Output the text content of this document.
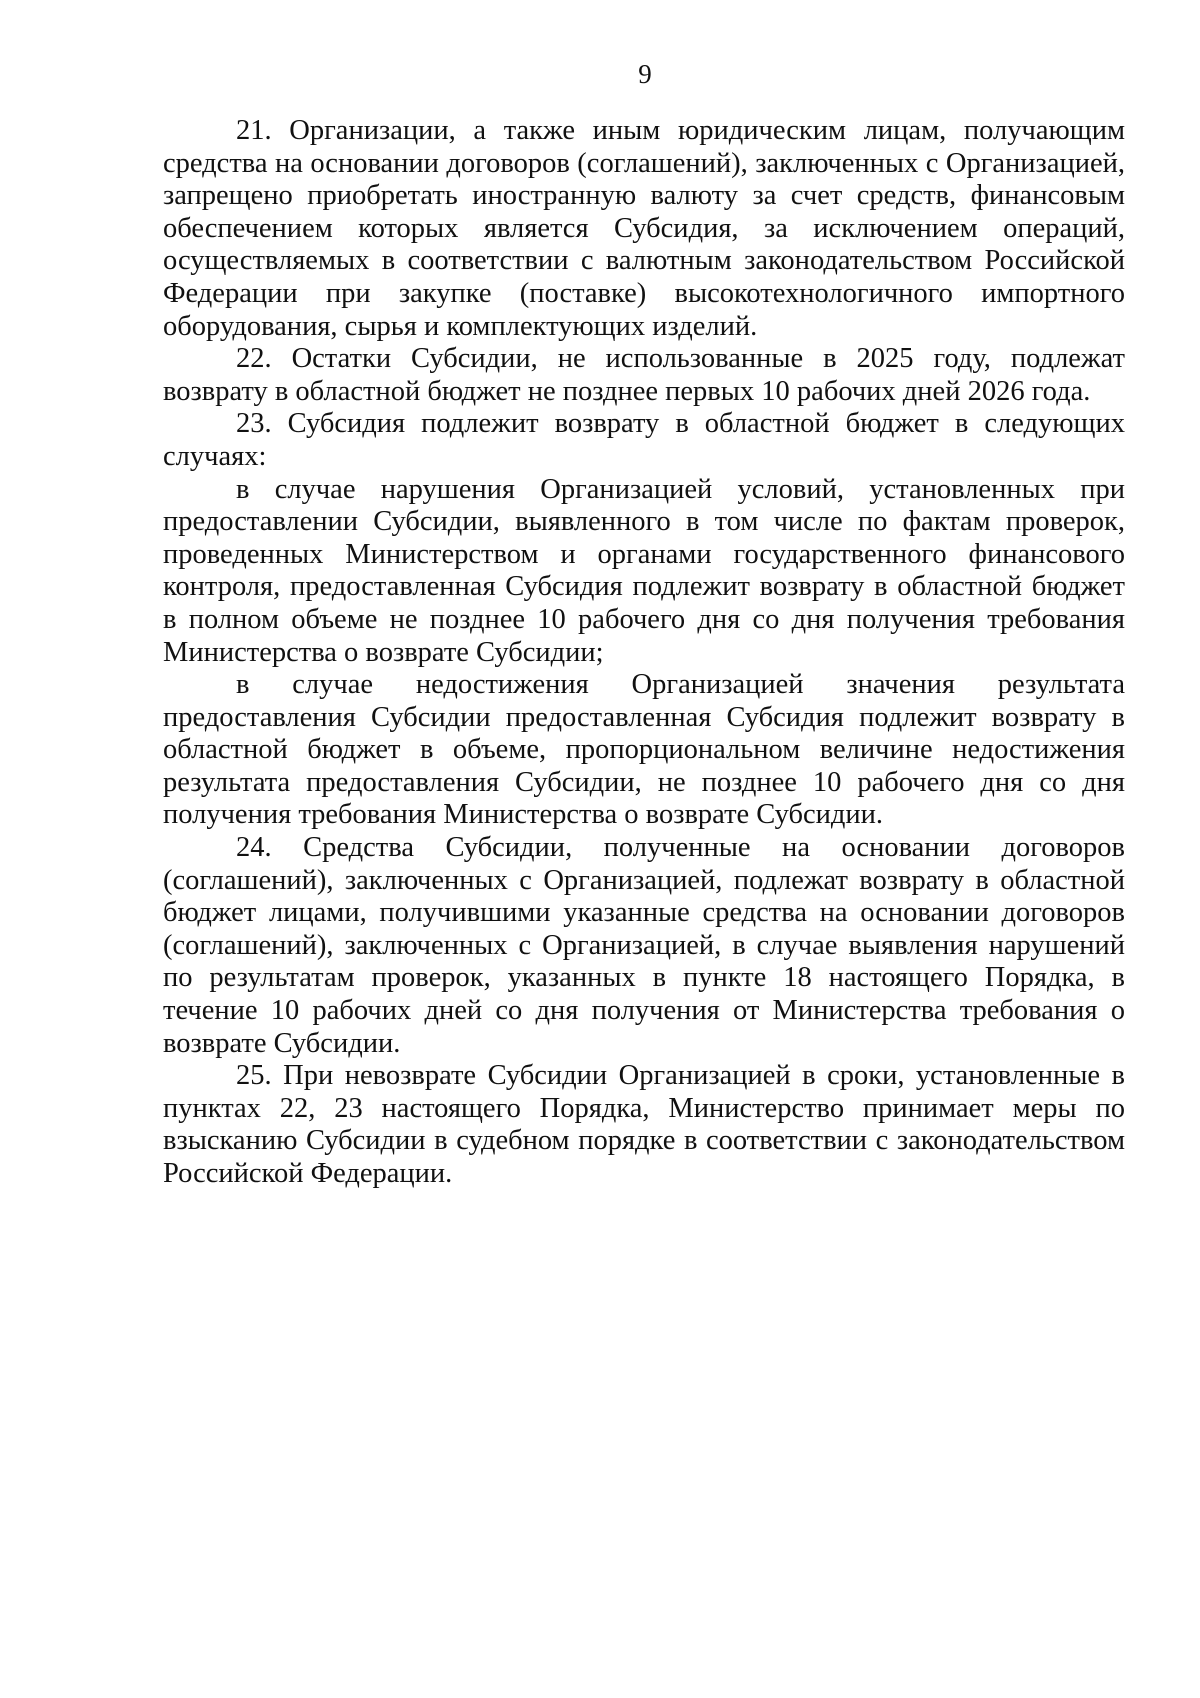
9

21. Организации, а также иным юридическим лицам, получающим средства на основании договоров (соглашений), заключенных с Организацией, запрещено приобретать иностранную валюту за счет средств, финансовым обеспечением которых является Субсидия, за исключением операций, осуществляемых в соответствии с валютным законодательством Российской Федерации при закупке (поставке) высокотехнологичного импортного оборудования, сырья и комплектующих изделий.

22. Остатки Субсидии, не использованные в 2025 году, подлежат возврату в областной бюджет не позднее первых 10 рабочих дней 2026 года.

23. Субсидия подлежит возврату в областной бюджет в следующих случаях:

в случае нарушения Организацией условий, установленных при предоставлении Субсидии, выявленного в том числе по фактам проверок, проведенных Министерством и органами государственного финансового контроля, предоставленная Субсидия подлежит возврату в областной бюджет в полном объеме не позднее 10 рабочего дня со дня получения требования Министерства о возврате Субсидии;

в случае недостижения Организацией значения результата предоставления Субсидии предоставленная Субсидия подлежит возврату в областной бюджет в объеме, пропорциональном величине недостижения результата предоставления Субсидии, не позднее 10 рабочего дня со дня получения требования Министерства о возврате Субсидии.

24. Средства Субсидии, полученные на основании договоров (соглашений), заключенных с Организацией, подлежат возврату в областной бюджет лицами, получившими указанные средства на основании договоров (соглашений), заключенных с Организацией, в случае выявления нарушений по результатам проверок, указанных в пункте 18 настоящего Порядка, в течение 10 рабочих дней со дня получения от Министерства требования о возврате Субсидии.

25. При невозврате Субсидии Организацией в сроки, установленные в пунктах 22, 23 настоящего Порядка, Министерство принимает меры по взысканию Субсидии в судебном порядке в соответствии с законодательством Российской Федерации.
